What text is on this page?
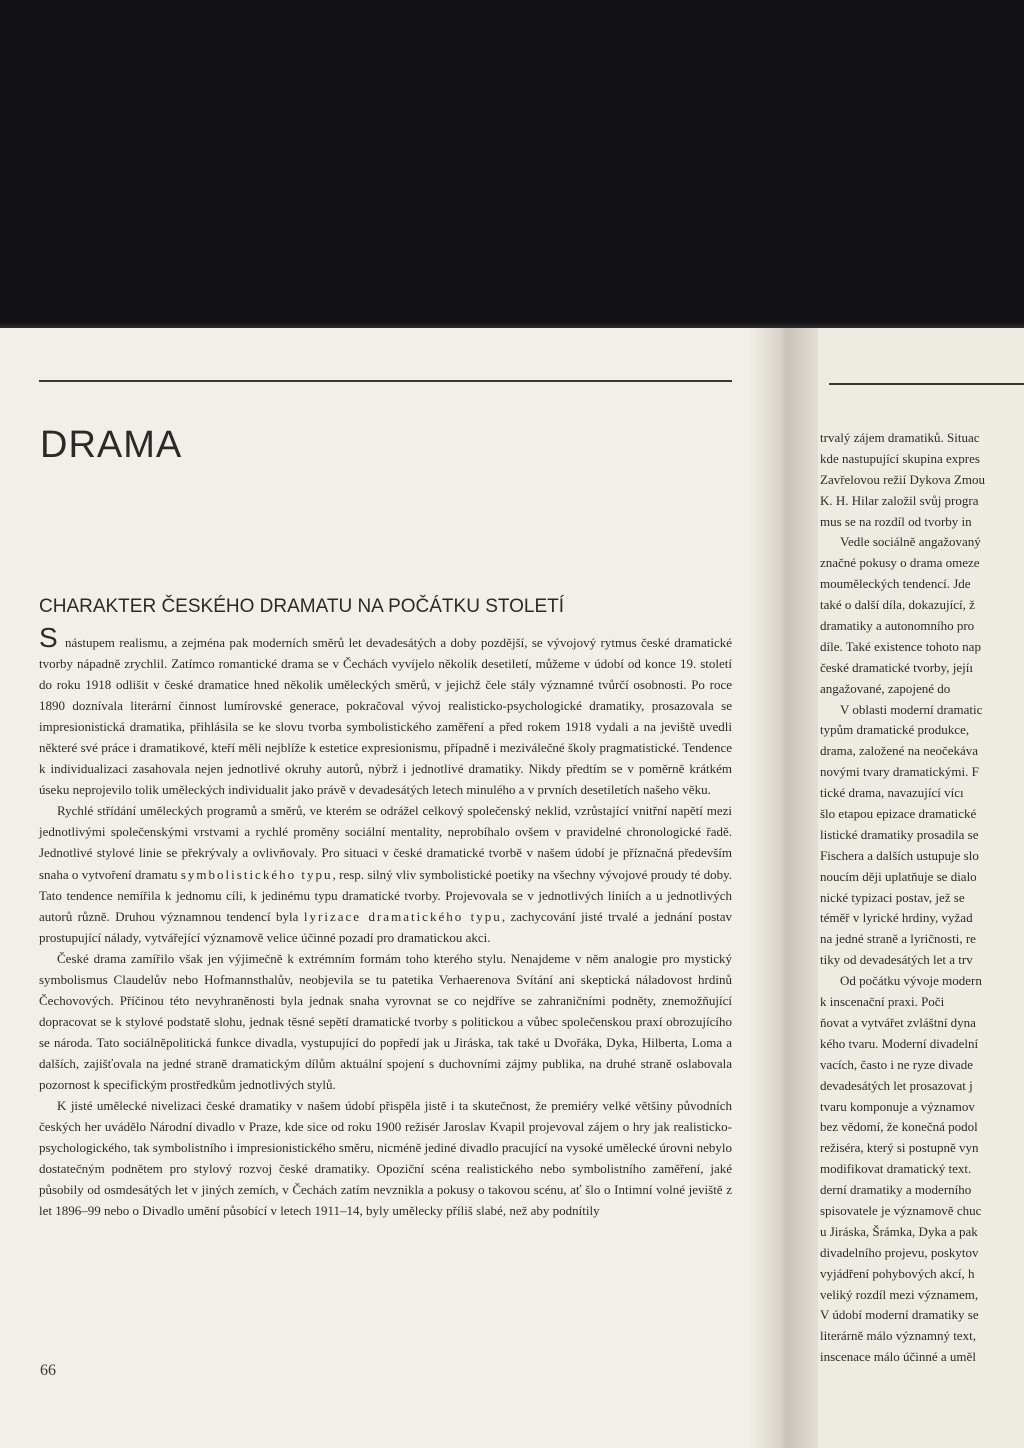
DRAMA
CHARAKTER ČESKÉHO DRAMATU NA POČÁTKU STOLETÍ

S nástupem realismu, a zejména pak moderních směrů let devadesátých a doby pozdější, se vývojový rytmus české dramatické tvorby nápadně zrychlil. Zatímco romantické drama se v Čechách vyvíjelo několik desetiletí, můžeme v údobí od konce 19. století do roku 1918 odlišit v české dramatice hned několik uměleckých směrů, v jejichž čele stály významné tvůrčí osobnosti. Po roce 1890 doznívala literární činnost lumírovské generace, pokračoval vývoj realisticko-psychologické dramatiky, prosazovala se impresionistická dramatika, přihlásila se ke slovu tvorba symbolistického zaměření a před rokem 1918 vydali a na jeviště uvedli některé své práce i dramatikové, kteří měli nejblíže k estetice expresionismu, případně i meziválečné školy pragmatistické. Tendence k individualizaci zasahovala nejen jednotlivé okruhy autorů, nýbrž i jednotlivé dramatiky. Nikdy předtím se v poměrně krátkém úseku neprojevilo tolik uměleckých individualit jako právě v devadesátých letech minulého a v prvních desetiletích našeho věku.

Rychlé střídání uměleckých programů a směrů, ve kterém se odrážel celkový společenský neklid, vzrůstající vnitřní napětí mezi jednotlivými společenskými vrstvami a rychlé proměny sociální mentality, neprobíhalo ovšem v pravidelné chronologické řadě. Jednotlivé stylové linie se překrývaly a ovlivňovaly. Pro situaci v české dramatické tvorbě v našem údobí je příznačná především snaha o vytvoření dramatu symbolistického typu, resp. silný vliv symbolistické poetiky na všechny vývojové proudy té doby. Tato tendence nemířila k jednomu cíli, k jedinému typu dramatické tvorby. Projevovala se v jednotlivých liniích a u jednotlivých autorů různě. Druhou významnou tendencí byla lyrizace dramatického typu, zachycování jisté trvalé a jednání postav prostupující nálady, vytvářející významově velice účinné pozadí pro dramatickou akci.

České drama zamířilo však jen výjimečně k extrémním formám toho kterého stylu. Nenajdeme v něm analogie pro mystický symbolismus Claudelův nebo Hofmannsthalův, neobjevila se tu patetika Verhaerenova Svítání ani skeptická náladovost hrdinů Čechovových. Příčinou této nevyhraněnosti byla jednak snaha vyrovnat se co nejdříve se zahraničními podněty, znemožňující dopracovat se k stylové podstatě slohu, jednak těsné sepětí dramatické tvorby s politickou a vůbec společenskou praxí obrozujícího se národa. Tato sociálněpolitická funkce divadla, vystupující do popředí jak u Jiráska, tak také u Dvořáka, Dyka, Hilberta, Loma a dalších, zajišťovala na jedné straně dramatickým dílům aktuální spojení s duchovními zájmy publika, na druhé straně oslabovala pozornost k specifickým prostředkům jednotlivých stylů.

K jisté umělecké nivelizaci české dramatiky v našem údobí přispěla jistě i ta skutečnost, že premiéry velké většiny původních českých her uvádělo Národní divadlo v Praze, kde sice od roku 1900 režisér Jaroslav Kvapil projevoval zájem o hry jak realisticko-psychologického, tak symbolistního i impresionistického směru, nicméně jediné divadlo pracující na vysoké umělecké úrovni nebylo dostatečným podnětem pro stylový rozvoj české dramatiky. Opoziční scéna realistického nebo symbolistního zaměření, jaké působily od osmdesátých let v jiných zemích, v Čechách zatím nevznikla a pokusy o takovou scénu, ať šlo o Intimní volné jeviště z let 1896–99 nebo o Divadlo umění působící v letech 1911–14, byly umělecky příliš slabé, než aby podnítily

66
trvalý zájem dramatiků. Situac
kde nastupující skupina expres
Zavřelovou režií Dykova Zmou
K. H. Hilar založil svůj progra
mus se na rozdíl od tvorby in
Vedle sociálně angažovaný
značné pokusy o drama omeze
moumĕleckých tendencí. Jde
také o další díla, dokazující, ž
dramatiky a autonomního pro
díle. Také existence tohoto nap
české dramatické tvorby, jejíı
angažované, zapojené do
V oblasti moderní dramatic
typům dramatické produkce,
drama, založené na neočekáva
novými tvary dramatickými. F
tické drama, navazující vícı
šlo etapou epizace dramatické
listické dramatiky prosadila se
Fischera a dalších ustupuje slo
noucím ději uplatňuje se dialo
nické typizaci postav, jež se
téměř v lyrické hrdiny, vyžad
na jedné straně a lyričnosti, re
tiky od devadesátých let a trv
Od počátku vývoje modern
k inscenační praxi. Poči
ňovat a vytvářet zvláštní dyna
kého tvaru. Moderní divadelní
vacích, často i ne ryze divade
devadesátých let prosazovat j
tvaru komponuje a významov
bez vědomí, že konečná podol
režiséra, který si postupně vyn
modifikovat dramatický text.
derní dramatiky a moderního
spisovatele je významově chuc
u Jiráska, Šrámka, Dyka a pak
divadelního projevu, poskytov
vyjádření pohybových akcí, h
veliký rozdíl mezi významem,
V údobí moderní dramatiky se
literárně málo významný text,
inscenace málo účinné a uměl
